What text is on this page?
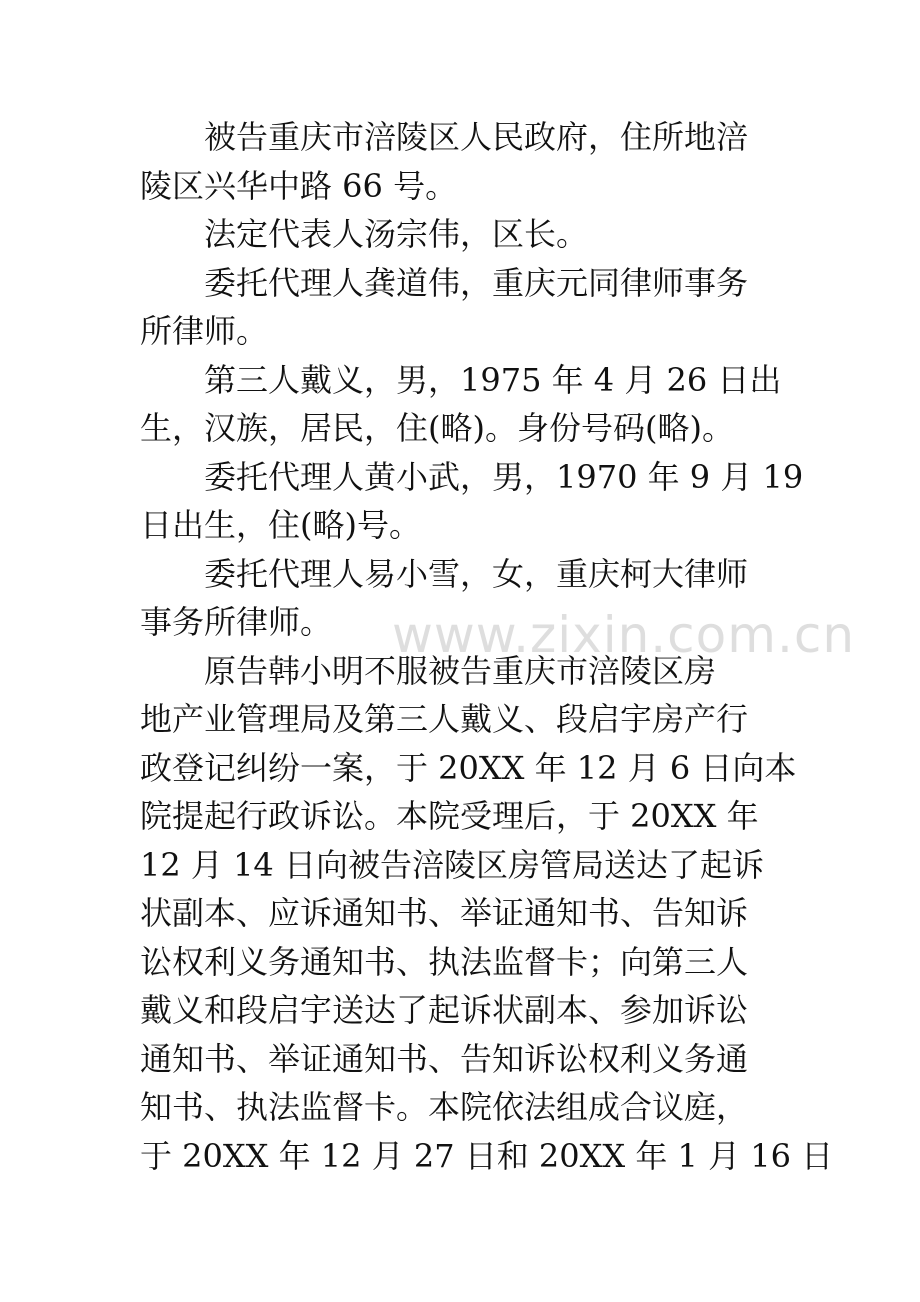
　　被告重庆市涪陵区人民政府，住所地涪
陵区兴华中路 66 号。
　　法定代表人汤宗伟，区长。
　　委托代理人龚道伟，重庆元同律师事务
所律师。
　　第三人戴义，男，1975 年 4 月 26 日出
生，汉族，居民，住(略)。身份号码(略)。
　　委托代理人黄小武，男，1970 年 9 月 19
日出生，住(略)号。
　　委托代理人易小雪，女，重庆柯大律师
事务所律师。
　　原告韩小明不服被告重庆市涪陵区房
地产业管理局及第三人戴义、段启宇房产行
政登记纠纷一案，于 20XX 年 12 月 6 日向本
院提起行政诉讼。本院受理后，于 20XX 年
12 月 14 日向被告涪陵区房管局送达了起诉
状副本、应诉通知书、举证通知书、告知诉
讼权利义务通知书、执法监督卡；向第三人
戴义和段启宇送达了起诉状副本、参加诉讼
通知书、举证通知书、告知诉讼权利义务通
知书、执法监督卡。本院依法组成合议庭，
于 20XX 年 12 月 27 日和 20XX 年 1 月 16 日
www.zixin.com.cn
